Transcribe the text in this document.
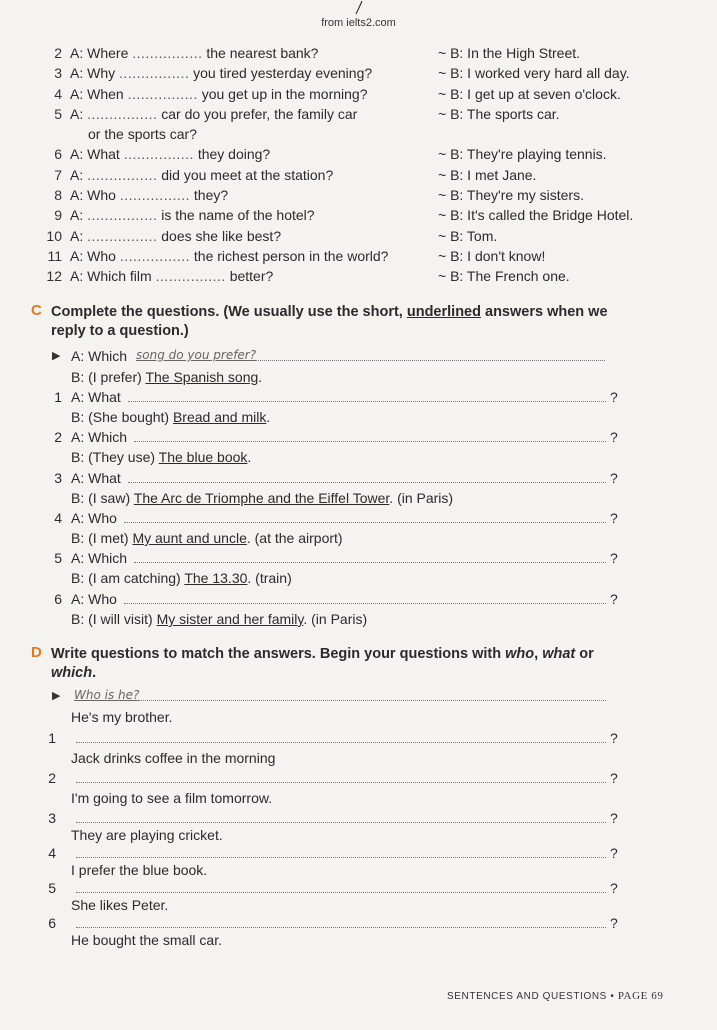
from ielts2.com
2 A: Where ................ the nearest bank?	~ B: In the High Street.
3 A: Why ................ you tired yesterday evening?	~ B: I worked very hard all day.
4 A: When ................ you get up in the morning?	~ B: I get up at seven o'clock.
5 A: ................ car do you prefer, the family car	~ B: The sports car.
or the sports car?
6 A: What ................ they doing?	~ B: They're playing tennis.
7 A: ................ did you meet at the station?	~ B: I met Jane.
8 A: Who ................ they?	~ B: They're my sisters.
9 A: ................ is the name of the hotel?	~ B: It's called the Bridge Hotel.
10 A: ................ does she like best?	~ B: Tom.
11 A: Who ................ the richest person in the world?	~ B: I don't know!
12 A: Which film ................ better?	~ B: The French one.
C Complete the questions. (We usually use the short, underlined answers when we reply to a question.)
▶ A: Which song do you prefer?
B: (I prefer) The Spanish song.
1 A: What	?
B: (She bought) Bread and milk.
2 A: Which	?
B: (They use) The blue book.
3 A: What	?
B: (I saw) The Arc de Triomphe and the Eiffel Tower. (in Paris)
4 A: Who	?
B: (I met) My aunt and uncle. (at the airport)
5 A: Which	?
B: (I am catching) The 13.30. (train)
6 A: Who	?
B: (I will visit) My sister and her family. (in Paris)
D Write questions to match the answers. Begin your questions with who, what or which.
▶ Who is he?
He's my brother.
1	?
Jack drinks coffee in the morning
2	?
I'm going to see a film tomorrow.
3	?
They are playing cricket.
4	?
I prefer the blue book.
5	?
She likes Peter.
6	?
He bought the small car.
SENTENCES AND QUESTIONS • PAGE 69
